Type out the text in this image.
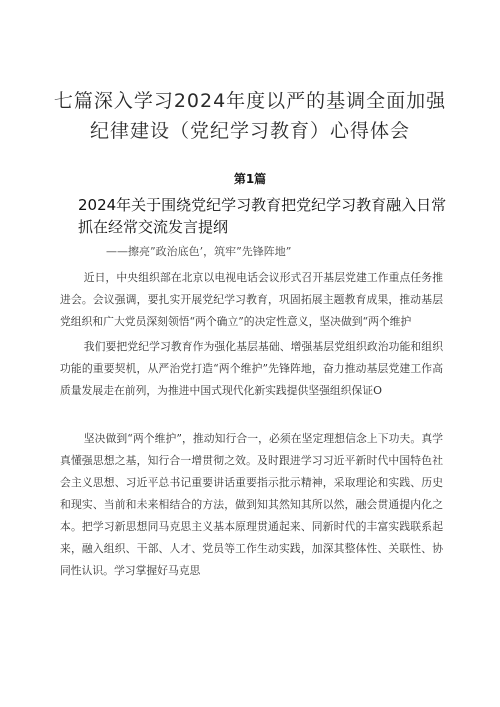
七篇深入学习2024年度以严的基调全面加强
纪律建设（党纪学习教育）心得体会
第1篇
2024年关于围绕党纪学习教育把党纪学习教育融入日常
抓在经常交流发言提纲
——擦亮”政治底色’，筑牢”先锋阵地”

近日，中央组织部在北京以电视电话会议形式召开基层党建工作重点任务推进会。会议强调，要扎实开展党纪学习教育，巩固拓展主题教育成果，推动基层党组织和广大党员深刻领悟“两个确立”的决定性意义，坚决做到“两个维护

我们要把党纪学习教育作为强化基层基础、增强基层党组织政治功能和组织功能的重要契机，从严治党打造“两个维护”先锋阵地，奋力推动基层党建工作高质量发展走在前列，为推进中国式现代化新实践提供坚强组织保证O

坚决做到“两个维护”，推动知行合一，必须在坚定理想信念上下功夫。真学真懂强思想之基，知行合一增贯彻之效。及时跟进学习习近平新时代中国特色社会主义思想、习近平总书记重要讲话重要指示批示精神，采取理论和实践、历史和现实、当前和未来相结合的方法，做到知其然知其所以然，融会贯通提内化之本。把学习新思想同马克思主义基本原理贯通起来、同新时代的丰富实践联系起来，融入组织、干部、人才、党员等工作生动实践，加深其整体性、关联性、协同性认识。学习掌握好马克思
